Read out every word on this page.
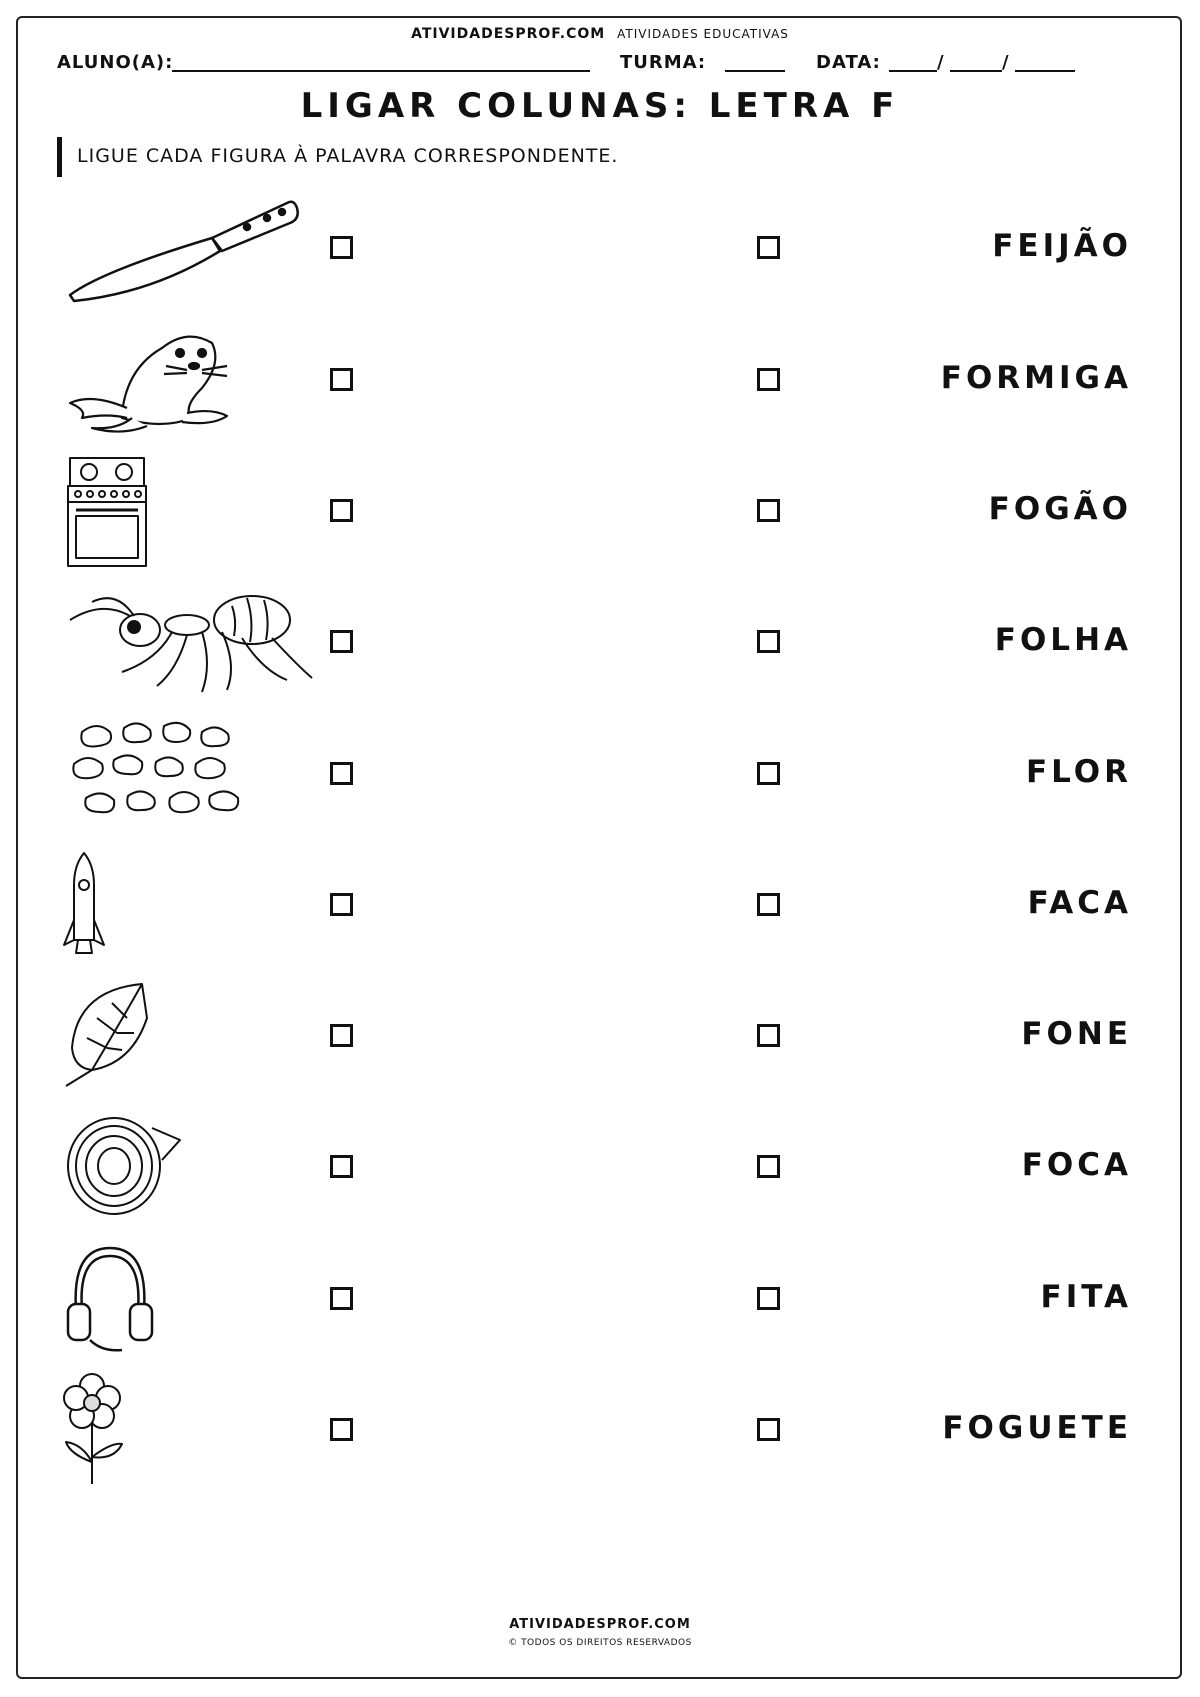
ATIVIDADESPROF.COM ATIVIDADES EDUCATIVAS
ALUNO(A):	TURMA:	DATA:	/	/
LIGAR COLUNAS: LETRA F
LIGUE CADA FIGURA À PALAVRA CORRESPONDENTE.
FEIJÃO
FORMIGA
FOGÃO
FOLHA
FLOR
FACA
FONE
FOCA
FITA
FOGUETE
ATIVIDADESPROF.COM
© TODOS OS DIREITOS RESERVADOS
